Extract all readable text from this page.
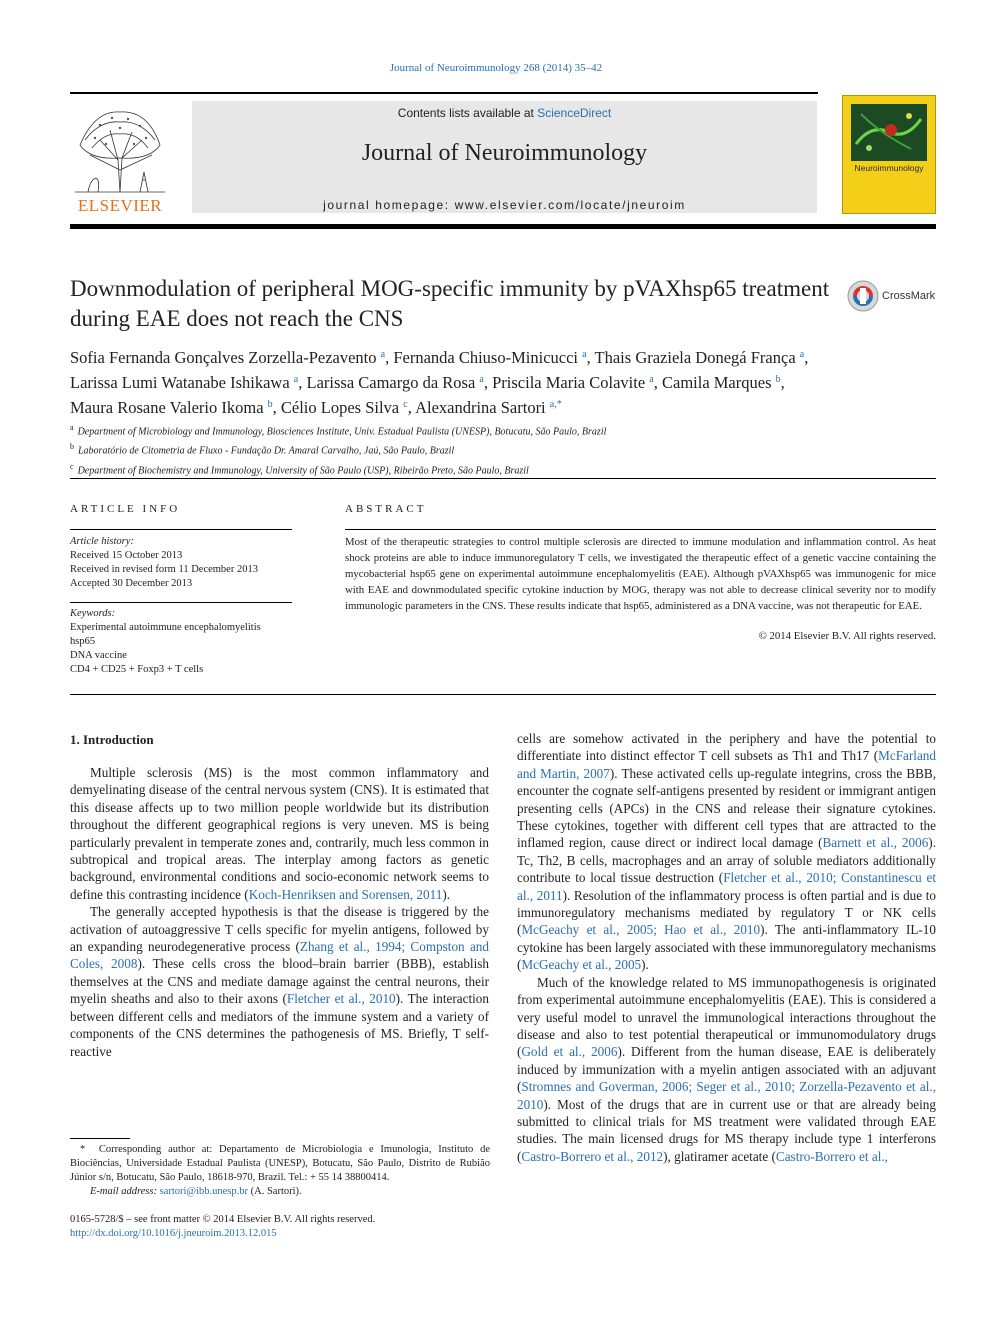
Journal of Neuroimmunology 268 (2014) 35–42
ELSEVIER
Contents lists available at ScienceDirect
Journal of Neuroimmunology
journal homepage: www.elsevier.com/locate/jneuroim
Neuroimmunology
Downmodulation of peripheral MOG-specific immunity by pVAXhsp65 treatment during EAE does not reach the CNS
CrossMark
Sofia Fernanda Gonçalves Zorzella-Pezavento $^a$, Fernanda Chiuso-Minicucci $^a$, Thais Graziela Donegá França $^a$,
Larissa Lumi Watanabe Ishikawa $^a$, Larissa Camargo da Rosa $^a$, Priscila Maria Colavite $^a$, Camila Marques $^b$,
Maura Rosane Valerio Ikoma $^b$, Célio Lopes Silva $^c$, Alexandrina Sartori $^{a,*}$
$^a$ Department of Microbiology and Immunology, Biosciences Institute, Univ. Estadual Paulista (UNESP), Botucatu, São Paulo, Brazil
$^b$ Laboratório de Citometria de Fluxo - Fundação Dr. Amaral Carvalho, Jaú, São Paulo, Brazil
$^c$ Department of Biochemistry and Immunology, University of São Paulo (USP), Ribeirão Preto, São Paulo, Brazil
ARTICLE INFO
Article history:
Received 15 October 2013
Received in revised form 11 December 2013
Accepted 30 December 2013
Keywords:
Experimental autoimmune encephalomyelitis
hsp65
DNA vaccine
CD4 + CD25 + Foxp3 + T cells
ABSTRACT
Most of the therapeutic strategies to control multiple sclerosis are directed to immune modulation and inflammation control. As heat shock proteins are able to induce immunoregulatory T cells, we investigated the therapeutic effect of a genetic vaccine containing the mycobacterial hsp65 gene on experimental autoimmune encephalomyelitis (EAE). Although pVAXhsp65 was immunogenic for mice with EAE and downmodulated specific cytokine induction by MOG, therapy was not able to decrease clinical severity nor to modify immunologic parameters in the CNS. These results indicate that hsp65, administered as a DNA vaccine, was not therapeutic for EAE.
© 2014 Elsevier B.V. All rights reserved.
1. Introduction

Multiple sclerosis (MS) is the most common inflammatory and demyelinating disease of the central nervous system (CNS). It is estimated that this disease affects up to two million people worldwide but its distribution throughout the different geographical regions is very uneven. MS is being particularly prevalent in temperate zones and, contrarily, much less common in subtropical and tropical areas. The interplay among factors as genetic background, environmental conditions and socio-economic network seems to define this contrasting incidence (Koch-Henriksen and Sorensen, 2011).

The generally accepted hypothesis is that the disease is triggered by the activation of autoaggressive T cells specific for myelin antigens, followed by an expanding neurodegenerative process (Zhang et al., 1994; Compston and Coles, 2008). These cells cross the blood–brain barrier (BBB), establish themselves at the CNS and mediate damage against the central neurons, their myelin sheaths and also to their axons (Fletcher et al., 2010). The interaction between different cells and mediators of the immune system and a variety of components of the CNS determines the pathogenesis of MS. Briefly, T self-reactive

cells are somehow activated in the periphery and have the potential to differentiate into distinct effector T cell subsets as Th1 and Th17 (McFarland and Martin, 2007). These activated cells up-regulate integrins, cross the BBB, encounter the cognate self-antigens presented by resident or immigrant antigen presenting cells (APCs) in the CNS and release their signature cytokines. These cytokines, together with different cell types that are attracted to the inflamed region, cause direct or indirect local damage (Barnett et al., 2006). Tc, Th2, B cells, macrophages and an array of soluble mediators additionally contribute to local tissue destruction (Fletcher et al., 2010; Constantinescu et al., 2011). Resolution of the inflammatory process is often partial and is due to immunoregulatory mechanisms mediated by regulatory T or NK cells (McGeachy et al., 2005; Hao et al., 2010). The anti-inflammatory IL-10 cytokine has been largely associated with these immunoregulatory mechanisms (McGeachy et al., 2005).

Much of the knowledge related to MS immunopathogenesis is originated from experimental autoimmune encephalomyelitis (EAE). This is considered a very useful model to unravel the immunological interactions throughout the disease and also to test potential therapeutical or immunomodulatory drugs (Gold et al., 2006). Different from the human disease, EAE is deliberately induced by immunization with a myelin antigen associated with an adjuvant (Stromnes and Goverman, 2006; Seger et al., 2010; Zorzella-Pezavento et al., 2010). Most of the drugs that are in current use or that are already being submitted to clinical trials for MS treatment were validated through EAE studies. The main licensed drugs for MS therapy include type 1 interferons (Castro-Borrero et al., 2012), glatiramer acetate (Castro-Borrero et al.,

* Corresponding author at: Departamento de Microbiologia e Imunologia, Instituto de Biociências, Universidade Estadual Paulista (UNESP), Botucatu, São Paulo, Distrito de Rubião Júnior s/n, Botucatu, São Paulo, 18618-970, Brazil. Tel.: + 55 14 38800414.
E-mail address: sartori@ibb.unesp.br (A. Sartori).
0165-5728/$ – see front matter © 2014 Elsevier B.V. All rights reserved.
http://dx.doi.org/10.1016/j.jneuroim.2013.12.015
